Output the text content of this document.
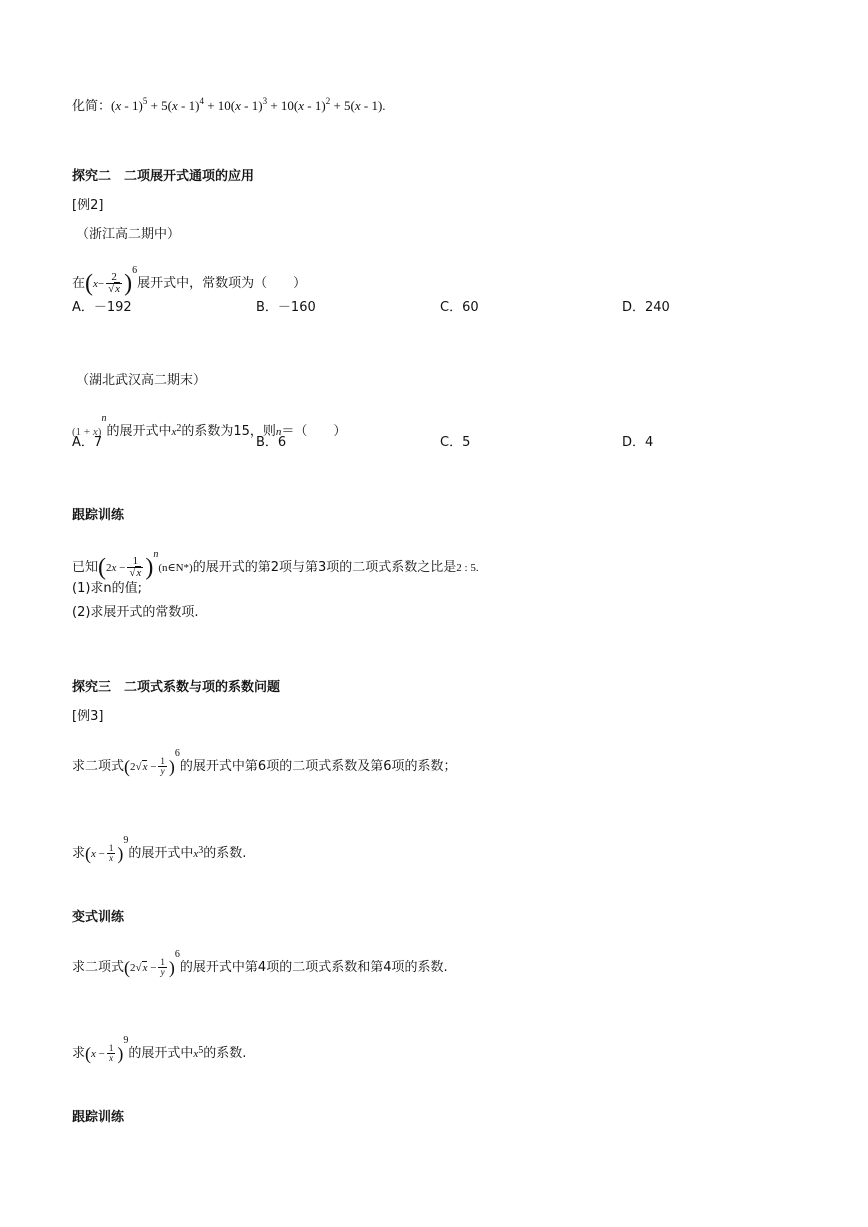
化简：(x - 1)$^5$ + 5(x - 1)$^4$ + 10(x - 1)$^3$ + 10(x - 1)$^2$ + 5(x - 1).
探究二　二项展开式通项的应用
[例2]
（浙江高二期中）
在$(x- \frac{2}{√x} )^6$展开式中，常数项为（　　）
A．－192	B．－160	C．60	D．240
（湖北武汉高二期末）
$(1 + x)^n$的展开式中$x^2$的系数为15，则n＝（　　）
A．7	B．6	C．5	D．4
跟踪训练
已知($2x - \frac{1}{√x}$ )$^n(n\in N*)$的展开式的第2项与第3项的二项式系数之比是2 : 5.
(1)求n的值;
(2)求展开式的常数项.
探究三　二项式系数与项的系数问题
[例3]
求二项式$(2√x - \frac{1}{y} )^6$的展开式中第6项的二项式系数及第6项的系数；
求$(x - \frac{1}{x} )^9$的展开式中$x^3$的系数.
变式训练
求二项式$(2√x - \frac{1}{y} )^6$的展开式中第4项的二项式系数和第4项的系数.
求$(x - \frac{1}{x} )^9$的展开式中$x^5$的系数.
跟踪训练
